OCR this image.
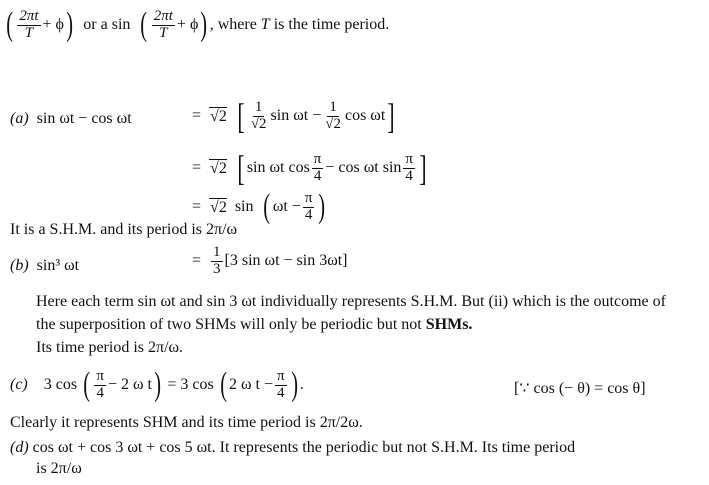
( $\frac{2\pi t}{T} + \phi$ ) or a sin ( $\frac{2\pi t}{T} + \phi$ ) , where
T
is the time period.
(a)
sin ωt − cos ωt	= √2 [ $\frac{1}{√2}$ sin ωt
− $\frac{1}{√2}$ cos ωt ]
= √2 [ sin ωt $\cos \frac{\pi}{4}$ −
cos ωt $\sin \frac{\pi}{4}$ ]
= √2 sin ( $\omega t - \frac{\pi}{4}$ )
It is a S.H.M. and its period is 2π/ω
(b)
sin³ ωt	= $\frac{1}{3} [3$ sin ωt − sin 3ωt]
Here each term sin ωt and sin 3 ωt individually represents S.H.M. But (ii) which is the outcome of the superposition of two SHMs will only be periodic but not SHMs.
Its time period is 2π/ω.
(c) 3 cos
( $\frac{\pi}{4} - 2$ ω t )
=
3 cos
( 2 ω $t - \frac{\pi}{4}$ ) .	[∵ cos (− θ) = cos θ]
Clearly it represents SHM and its time period is 2π/2ω.
(d)
cos ωt + cos 3 ωt + cos 5 ωt. It represents the periodic but not S.H.M. Its time period
is 2π/ω
